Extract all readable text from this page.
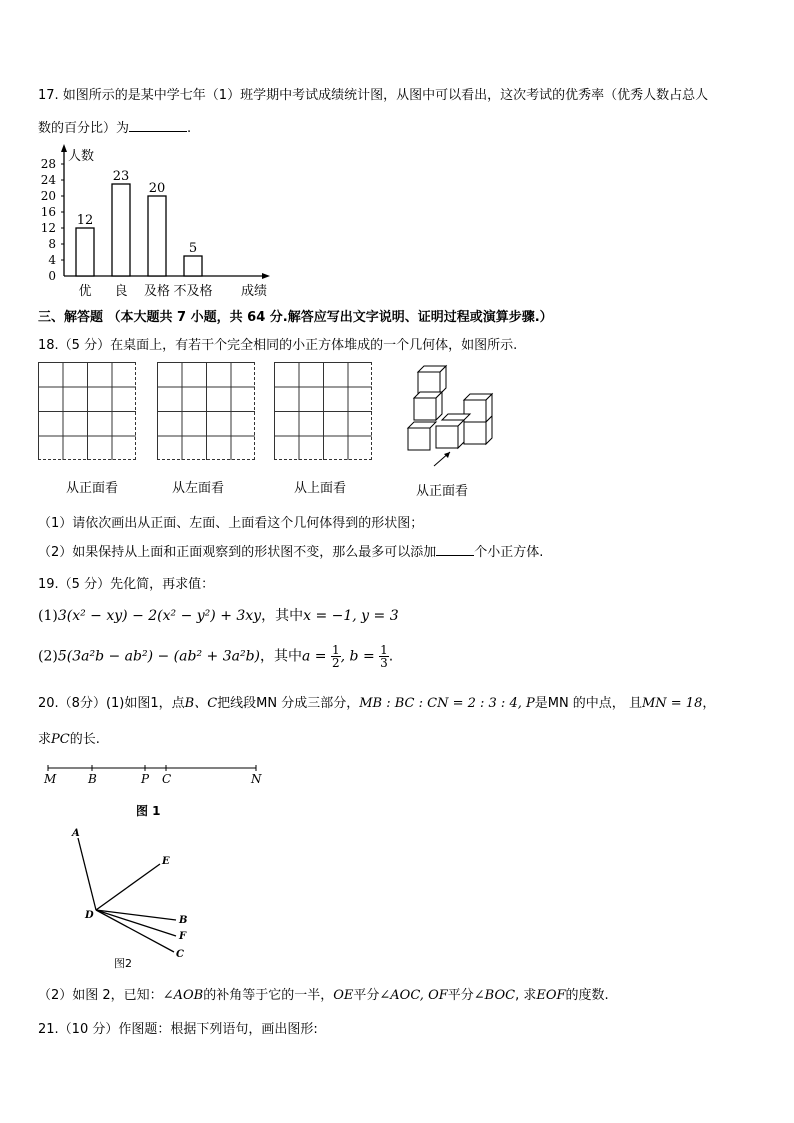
17. 如图所示的是某中学七年（1）班学期中考试成绩统计图，从图中可以看出，这次考试的优秀率（优秀人数占总人
数的百分比）为	.
0
4
8
12
16
20
24
28 人数
12
优
23
良
20
及格
5
不及格 成绩
三、解答题 （本大题共 7 小题，共 64 分.解答应写出文字说明、证明过程或演算步骤.）
18.（5 分）在桌面上，有若干个完全相同的小正方体堆成的一个几何体，如图所示.
从正面看	从左面看	从上面看	从正面看
（1）请依次画出从正面、左面、上面看这个几何体得到的形状图；
（2）如果保持从上面和正面观察到的形状图不变，那么最多可以添加	个小正方体.
19.（5 分）先化简，再求值：
(1)3(x² − xy) − 2(x² − y²) + 3xy，其中x = −1, y = 3
(2)5(3a²b − ab²) − (ab² + 3a²b)，其中$a = \frac{1}{2}$ , $b = \frac{1}{3}$ .
20.（8分）(1)如图1，点B、C把线段MN 分成三部分，MB : BC : CN = 2 : 3 : 4, P是MN 的中点， 且MN = 18，
求PC的长.
M	B	P C	N
图 1
A
E
D	B
F
C
图2
（2）如图 2，已知：∠AOB的补角等于它的一半，OE平分∠AOC, OF平分∠BOC, 求EOF的度数.
21.（10 分）作图题：根据下列语句，画出图形:
